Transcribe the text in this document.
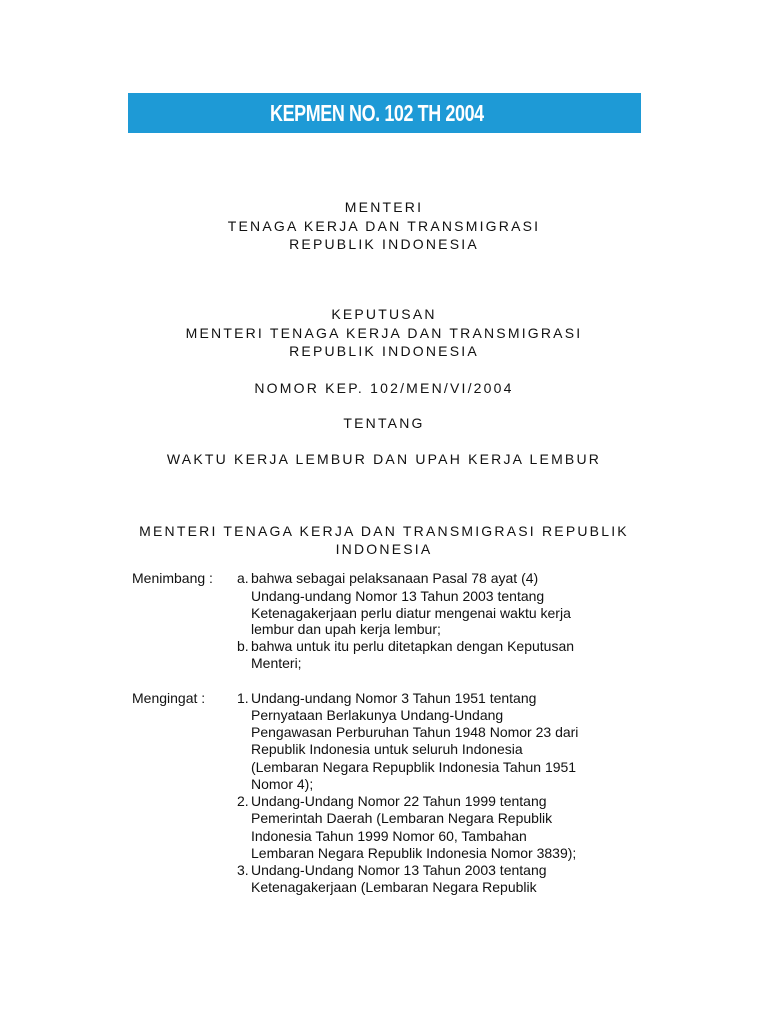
KEPMEN NO. 102 TH 2004
MENTERI
TENAGA KERJA DAN TRANSMIGRASI
REPUBLIK INDONESIA
KEPUTUSAN
MENTERI TENAGA KERJA DAN TRANSMIGRASI
REPUBLIK INDONESIA
NOMOR KEP. 102/MEN/VI/2004
TENTANG
WAKTU KERJA LEMBUR DAN UPAH KERJA LEMBUR
MENTERI TENAGA KERJA DAN TRANSMIGRASI REPUBLIK
INDONESIA
Menimbang : a. bahwa sebagai pelaksanaan Pasal 78 ayat (4)
Undang-undang Nomor 13 Tahun 2003 tentang
Ketenagakerjaan perlu diatur mengenai waktu kerja
lembur dan upah kerja lembur;
b. bahwa untuk itu perlu ditetapkan dengan Keputusan
Menteri;
Mengingat : 1. Undang-undang Nomor 3 Tahun 1951 tentang
Pernyataan Berlakunya Undang-Undang
Pengawasan Perburuhan Tahun 1948 Nomor 23 dari
Republik Indonesia untuk seluruh Indonesia
(Lembaran Negara Repupblik Indonesia Tahun 1951
Nomor 4);
2. Undang-Undang Nomor 22 Tahun 1999 tentang
Pemerintah Daerah (Lembaran Negara Republik
Indonesia Tahun 1999 Nomor 60, Tambahan
Lembaran Negara Republik Indonesia Nomor 3839);
3. Undang-Undang Nomor 13 Tahun 2003 tentang
Ketenagakerjaan (Lembaran Negara Republik
